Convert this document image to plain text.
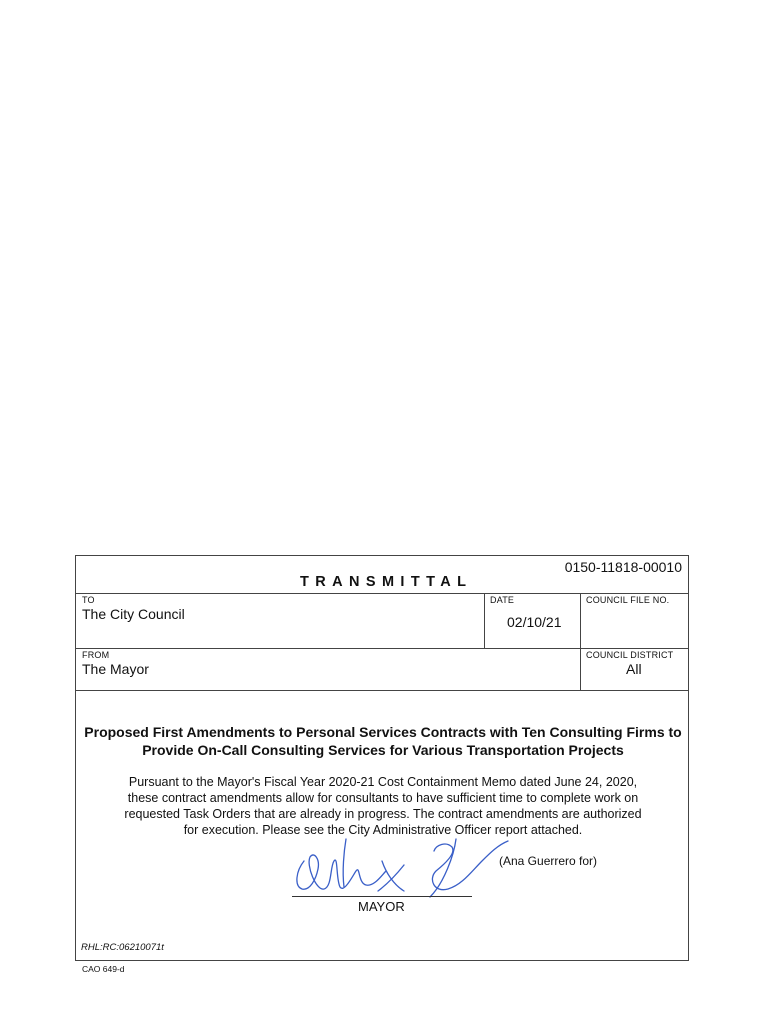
0150-11818-00010
TRANSMITTAL
TO
The City Council
DATE
02/10/21
COUNCIL FILE NO.
FROM
The Mayor
COUNCIL DISTRICT
All
Proposed First Amendments to Personal Services Contracts with Ten Consulting Firms to
Provide On-Call Consulting Services for Various Transportation Projects
Pursuant to the Mayor's Fiscal Year 2020-21 Cost Containment Memo dated June 24, 2020,
these contract amendments allow for consultants to have sufficient time to complete work on
requested Task Orders that are already in progress. The contract amendments are authorized
for execution. Please see the City Administrative Officer report attached.
(Ana Guerrero for)
MAYOR
RHL:RC:06210071t
CAO 649-d
